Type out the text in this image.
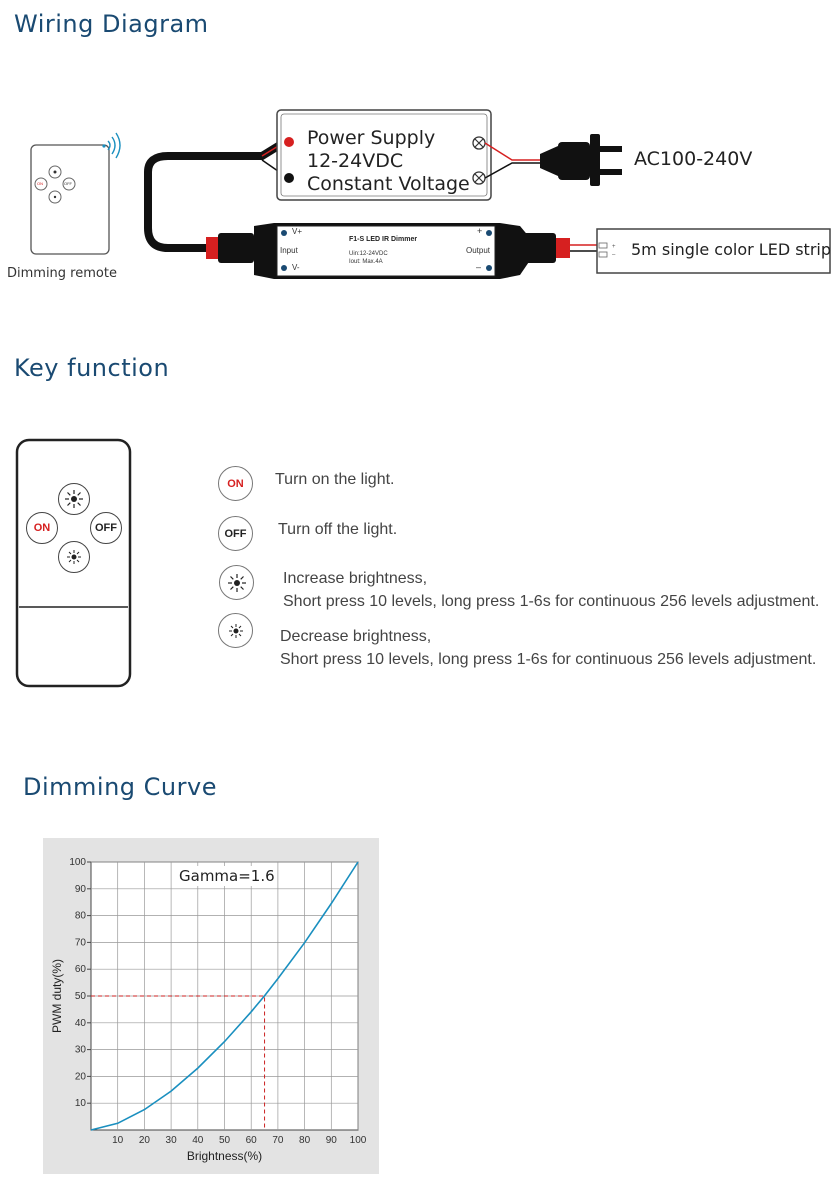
Wiring Diagram
Power Supply
12-24VDC
Constant Voltage
AC100-240V
V+
V-
Input	Output
+
–
F1-S LED IR Dimmer
Uin:12-24VDC
Iout: Max.4A
+
– 5m single color LED strip
ON	OFF
Dimming remote
Key function
ON	OFF
ON	Turn on the light.
OFF	Turn off the light.
Increase brightness,
Short press 10 levels, long press 1-6s for continuous 256 levels adjustment.
Decrease brightness,
Short press 10 levels, long press 1-6s for continuous 256 levels adjustment.
Dimming Curve
10 20 30 40 50 60 70 80 90 100
10
20
30
40
50
60
70
80
90
100
Brightness(%)
PWM duty(%)
Gamma=1.6
